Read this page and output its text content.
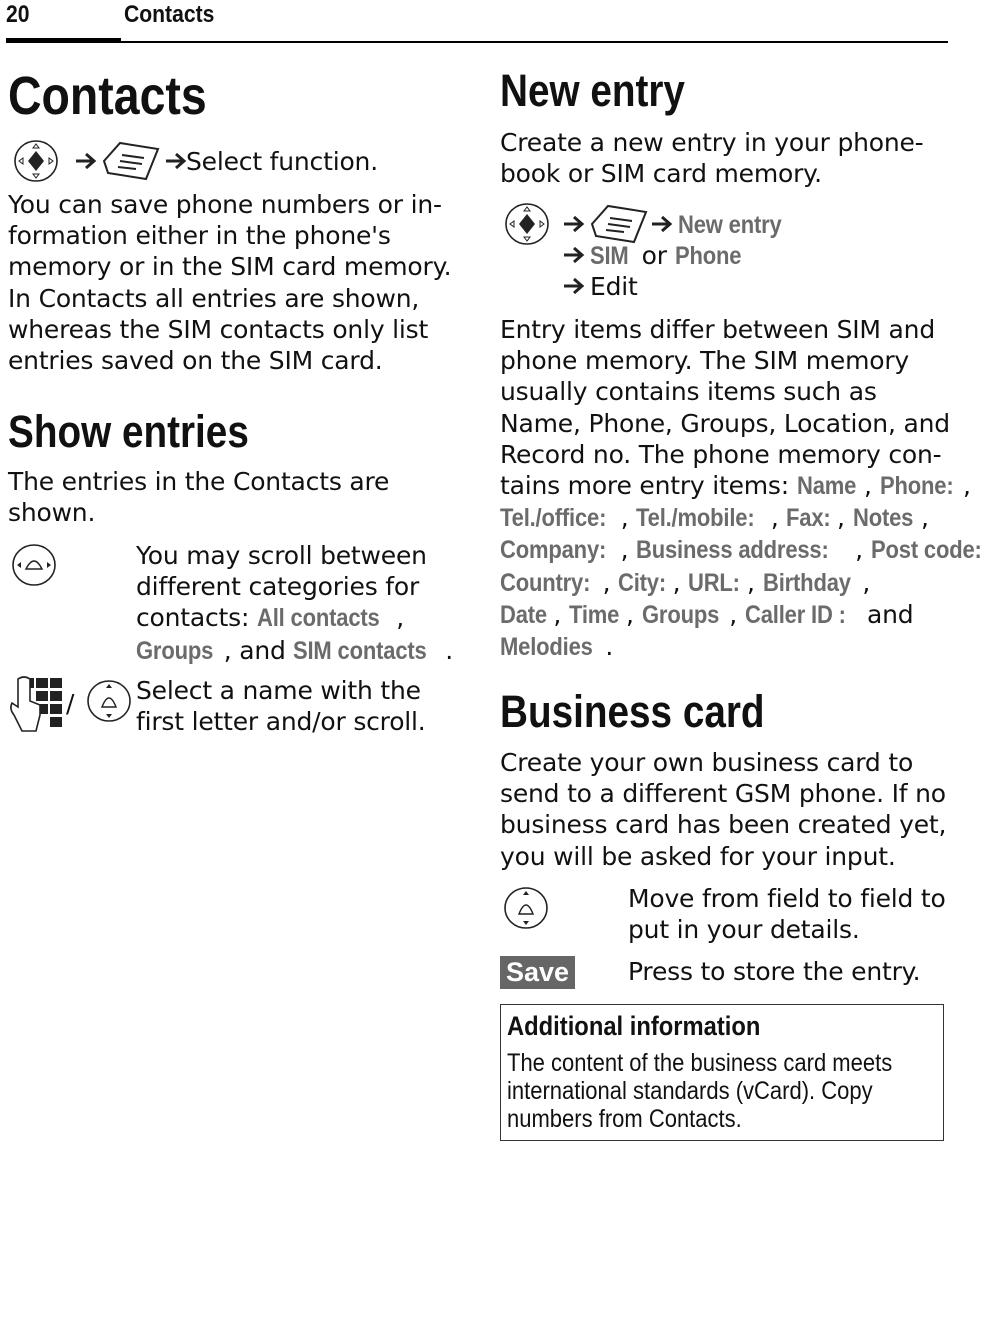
20	Contacts
Contacts
Select function.
You can save phone numbers or in-
formation either in the phone's
memory or in the SIM card memory.
In Contacts all entries are shown,
whereas the SIM contacts only list
entries saved on the SIM card.
Show entries
The entries in the Contacts are
shown.
You may scroll between
different categories for
contacts: All contacts ,
Groups , and SIM contacts .
/ Select a name with the
first letter and/or scroll.
New entry
Create a new entry in your phone-
book or SIM card memory.
New entry
SIM or Phone
Edit
Entry items differ between SIM and
phone memory. The SIM memory
usually contains items such as
Name, Phone, Groups, Location, and
Record no. The phone memory con-
tains more entry items: Name , Phone: ,
Tel./office: , Tel./mobile: , Fax: , Notes ,
Company: , Business address: , Post code:
Country: , City: , URL: , Birthday ,
Date , Time , Groups , Caller ID : and
Melodies .
Business card
Create your own business card to
send to a different GSM phone. If no
business card has been created yet,
you will be asked for your input.
Move from field to field to
put in your details.
Save Press to store the entry.
Additional information
The content of the business card meets
international standards (vCard). Copy
numbers from Contacts.
